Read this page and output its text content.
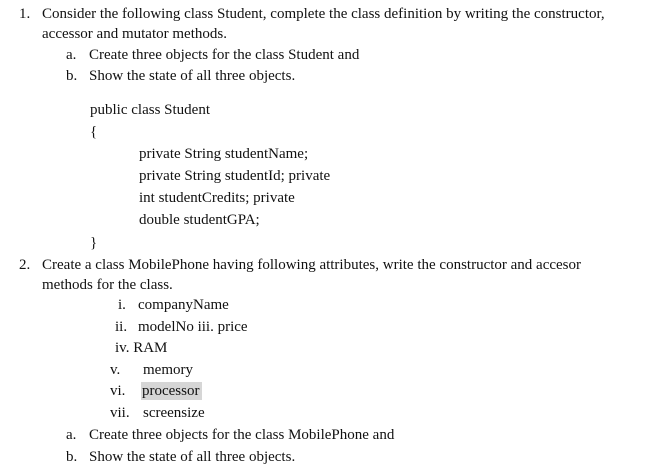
1. Consider the following class Student, complete the class definition by writing the constructor,
accessor and mutator methods.
a. Create three objects for the class Student and
b. Show the state of all three objects.
public class Student
{
private String studentName;
private String studentId; private
int studentCredits; private
double studentGPA;
}
2. Create a class MobilePhone having following attributes, write the constructor and accesor
methods for the class.
i. companyName
ii. modelNo iii. price
iv. RAM
v. memory
vi. processor
vii. screensize
a. Create three objects for the class MobilePhone and
b. Show the state of all three objects.
